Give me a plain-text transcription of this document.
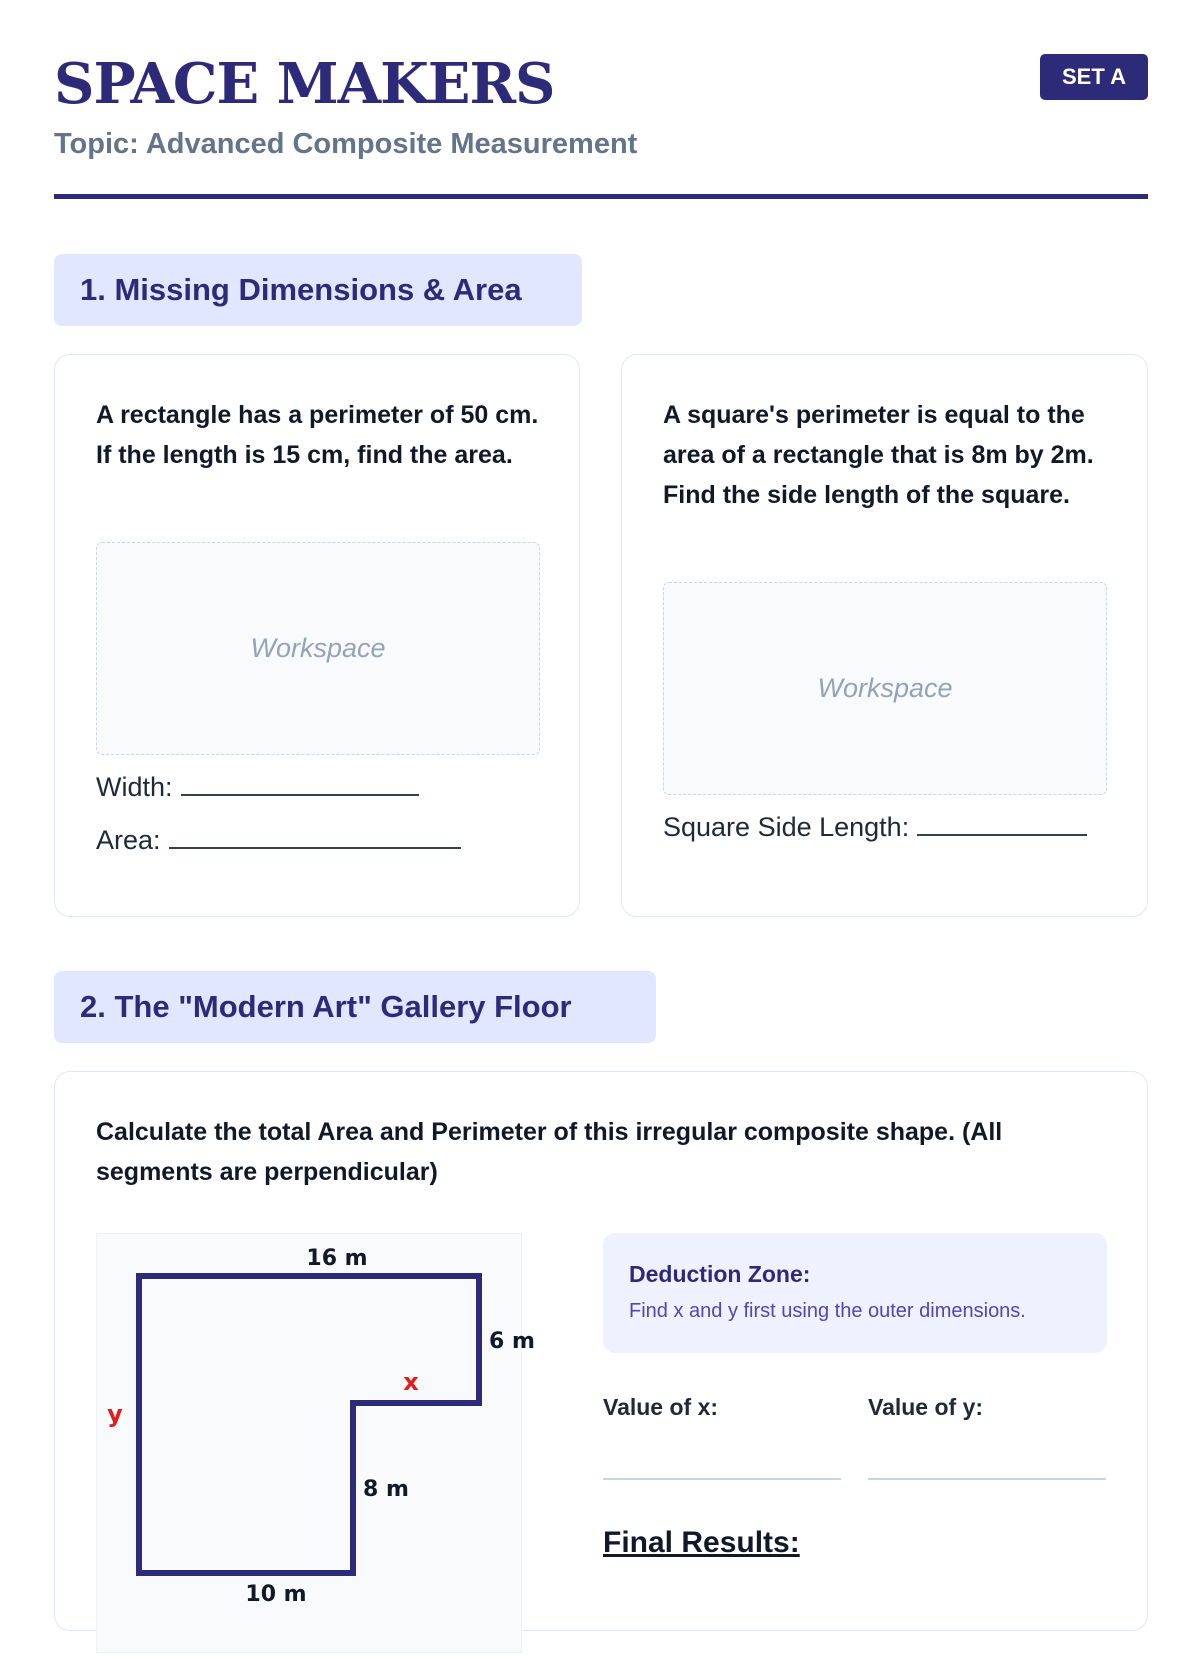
SPACE MAKERS
Topic: Advanced Composite Measurement
SET A
1. Missing Dimensions & Area
A rectangle has a perimeter of 50 cm. If the length is 15 cm, find the area.
Workspace
Width:
Area:
A square's perimeter is equal to the area of a rectangle that is 8m by 2m. Find the side length of the square.
Workspace
Square Side Length:
2. The "Modern Art" Gallery Floor
Calculate the total Area and Perimeter of this irregular composite shape. (All segments are perpendicular)
16 m
6 m
8 m
10 m
x
y
Deduction Zone:
Find x and y first using the outer dimensions.
Value of x:	Value of y:
Final Results:
